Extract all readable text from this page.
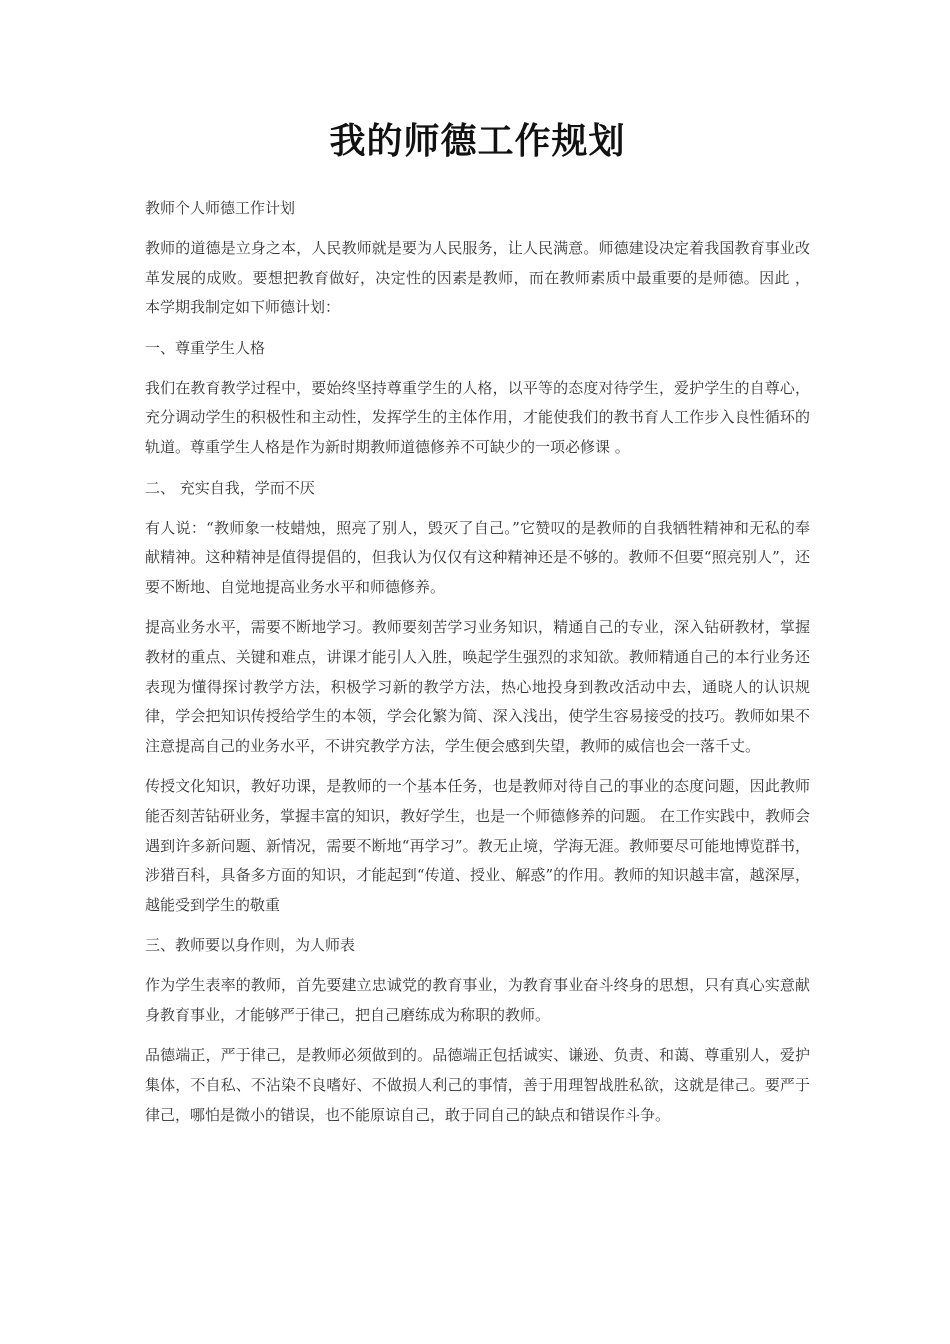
我的师德工作规划
教师个人师德工作计划
教师的道德是立身之本，人民教师就是要为人民服务，让人民满意。师德建设决定着我国教育事业改革发展的成败。要想把教育做好，决定性的因素是教师，而在教师素质中最重要的是师德。因此 ， 本学期我制定如下师德计划：
一、尊重学生人格
我们在教育教学过程中，要始终坚持尊重学生的人格，以平等的态度对待学生，爱护学生的自尊心，充分调动学生的积极性和主动性，发挥学生的主体作用，才能使我们的教书育人工作步入良性循环的轨道。尊重学生人格是作为新时期教师道德修养不可缺少的一项必修课 。
二、 充实自我，学而不厌
有人说：“教师象一枝蜡烛，照亮了别人，毁灭了自己。”它赞叹的是教师的自我牺牲精神和无私的奉献精神。这种精神是值得提倡的，但我认为仅仅有这种精神还是不够的。教师不但要“照亮别人”，还要不断地、自觉地提高业务水平和师德修养。
提高业务水平，需要不断地学习。教师要刻苦学习业务知识，精通自己的专业，深入钻研教材，掌握教材的重点、关键和难点，讲课才能引人入胜，唤起学生强烈的求知欲。教师精通自己的本行业务还表现为懂得探讨教学方法，积极学习新的教学方法，热心地投身到教改活动中去，通晓人的认识规律，学会把知识传授给学生的本领，学会化繁为简、深入浅出，使学生容易接受的技巧。教师如果不注意提高自己的业务水平，不讲究教学方法，学生便会感到失望，教师的威信也会一落千丈。
传授文化知识，教好功课，是教师的一个基本任务，也是教师对待自己的事业的态度问题，因此教师能否刻苦钻研业务，掌握丰富的知识，教好学生，也是一个师德修养的问题。 在工作实践中，教师会遇到许多新问题、新情况，需要不断地“再学习”。教无止境，学海无涯。教师要尽可能地博览群书，涉猎百科，具备多方面的知识，才能起到“传道、授业、解惑”的作用。教师的知识越丰富，越深厚，越能受到学生的敬重
三、教师要以身作则，为人师表
作为学生表率的教师，首先要建立忠诚党的教育事业，为教育事业奋斗终身的思想，只有真心实意献身教育事业，才能够严于律己，把自己磨练成为称职的教师。
品德端正，严于律己，是教师必须做到的。品德端正包括诚实、谦逊、负责、和蔼、尊重别人，爱护集体，不自私、不沾染不良嗜好、不做损人利己的事情，善于用理智战胜私欲，这就是律己。要严于律己，哪怕是微小的错误，也不能原谅自己，敢于同自己的缺点和错误作斗争。
